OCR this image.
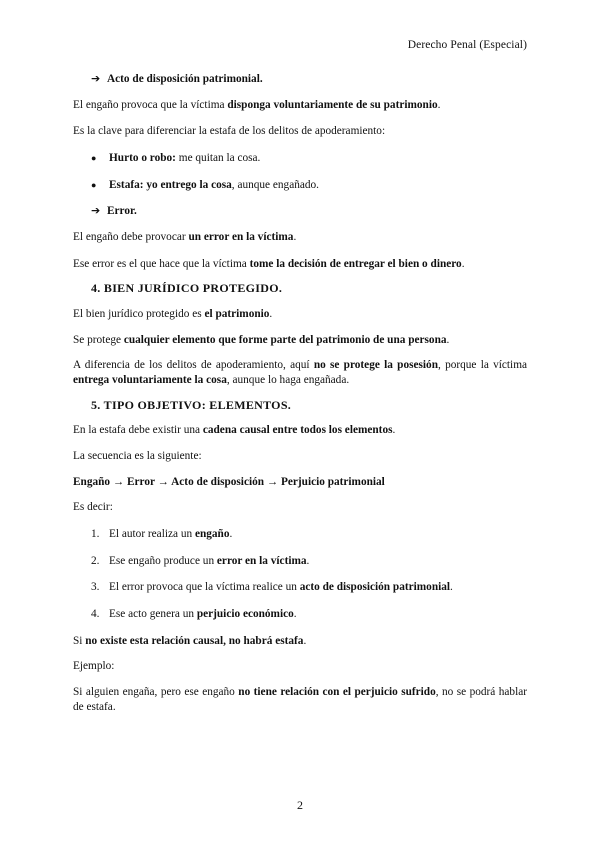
Derecho Penal (Especial)

➔ Acto de disposición patrimonial.

El engaño provoca que la víctima disponga voluntariamente de su patrimonio.

Es la clave para diferenciar la estafa de los delitos de apoderamiento:

● Hurto o robo: me quitan la cosa.

● Estafa: yo entrego la cosa, aunque engañado.

➔ Error.

El engaño debe provocar un error en la víctima.

Ese error es el que hace que la víctima tome la decisión de entregar el bien o dinero.

4. BIEN JURÍDICO PROTEGIDO.

El bien jurídico protegido es el patrimonio.

Se protege cualquier elemento que forme parte del patrimonio de una persona.

A diferencia de los delitos de apoderamiento, aquí no se protege la posesión, porque la víctima entrega voluntariamente la cosa, aunque lo haga engañada.

5. TIPO OBJETIVO: ELEMENTOS.

En la estafa debe existir una cadena causal entre todos los elementos.

La secuencia es la siguiente:

Engaño → Error → Acto de disposición → Perjuicio patrimonial

Es decir:

1. El autor realiza un engaño.

2. Ese engaño produce un error en la víctima.

3. El error provoca que la víctima realice un acto de disposición patrimonial.

4. Ese acto genera un perjuicio económico.

Si no existe esta relación causal, no habrá estafa.

Ejemplo:

Si alguien engaña, pero ese engaño no tiene relación con el perjuicio sufrido, no se podrá hablar de estafa.

2
